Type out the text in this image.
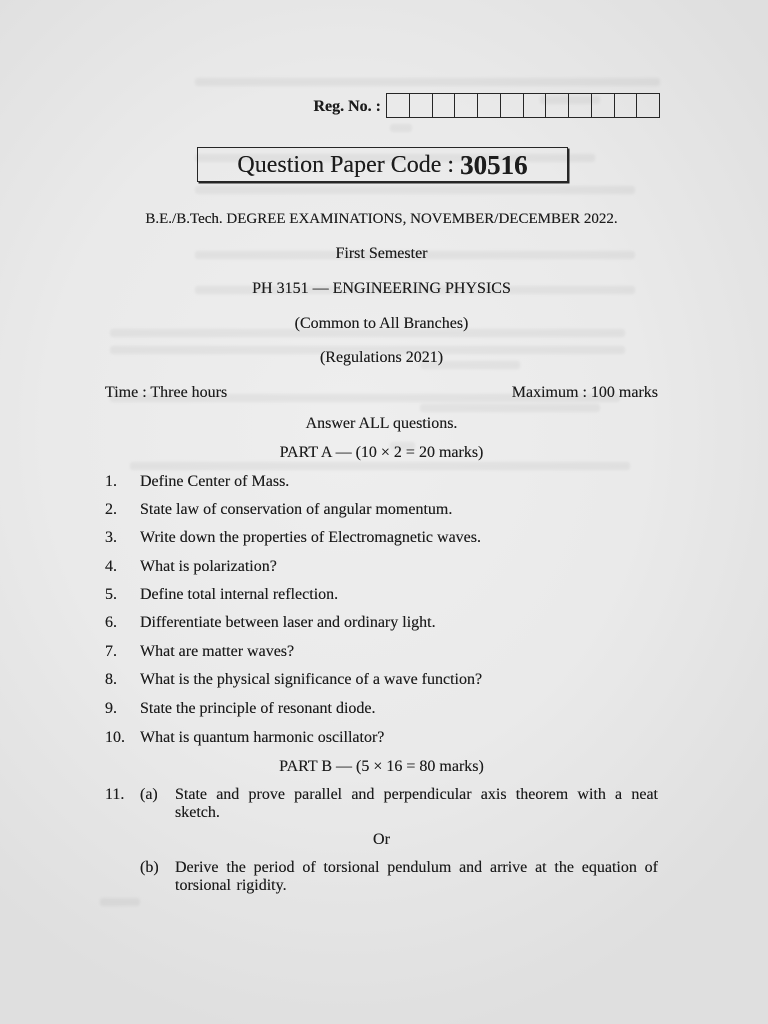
Reg. No. :
Question Paper Code : 30516
B.E./B.Tech. DEGREE EXAMINATIONS, NOVEMBER/DECEMBER 2022.
First Semester
PH 3151 — ENGINEERING PHYSICS
(Common to All Branches)
(Regulations 2021)
Time : Three hours	Maximum : 100 marks
Answer ALL questions.
PART A — (10 × 2 = 20 marks)
1. Define Center of Mass.
2. State law of conservation of angular momentum.
3. Write down the properties of Electromagnetic waves.
4. What is polarization?
5. Define total internal reflection.
6. Differentiate between laser and ordinary light.
7. What are matter waves?
8. What is the physical significance of a wave function?
9. State the principle of resonant diode.
10. What is quantum harmonic oscillator?
PART B — (5 × 16 = 80 marks)
11. (a) State and prove parallel and perpendicular axis theorem with a neat sketch.
Or
(b) Derive the period of torsional pendulum and arrive at the equation of torsional rigidity.
